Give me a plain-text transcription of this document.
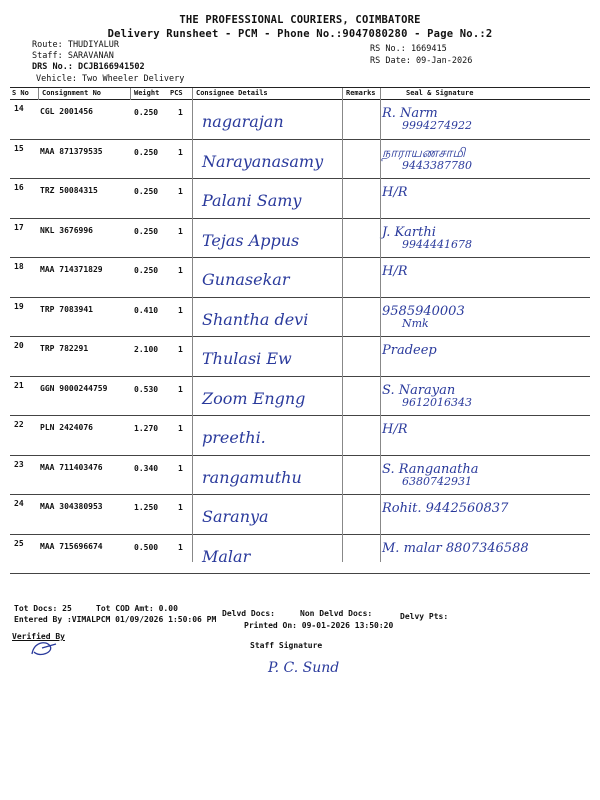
THE PROFESSIONAL COURIERS, COIMBATORE
Delivery Runsheet - PCM - Phone No.:9047080280 - Page No.:2
Route: THUDIYALUR
Staff: SARAVANAN
DRS No.: DCJB166941502
Vehicle: Two Wheeler Delivery
RS No.: 1669415
RS Date: 09-Jan-2026
S No Consignment No	Weight PCS Consignee Details	Remarks	Seal & Signature
14 CGL 2001456	0.250 1 nagarajan	R. Narm
9994274922
15 MAA 871379535	0.250 1 Narayanasamy	நாராயணசாமி
9443387780
16 TRZ 50084315	0.250 1 Palani Samy	H/R
17 NKL 3676996	0.250 1 Tejas Appus	J. Karthi
9944441678
18 MAA 714371829	0.250 1 Gunasekar	H/R
19 TRP 7083941	0.410 1 Shantha devi	9585940003
Nmk
20 TRP 782291	2.100 1 Thulasi Ew	Pradeep
21 GGN 9000244759	0.530 1 Zoom Engng	S. Narayan
9612016343
22 PLN 2424076	1.270 1 preethi.	H/R
23 MAA 711403476	0.340 1 rangamuthu	S. Ranganatha
6380742931
24 MAA 304380953	1.250 1 Saranya	Rohit. 9442560837
25 MAA 715696674	0.500 1 Malar	M. malar 8807346588
Tot Docs: 25	Tot COD Amt: 0.00
Delvd Docs:	Non Delvd Docs:	Delvy Pts:
Entered By :VIMALPCM 01/09/2026 1:50:06 PM
Printed On: 09-01-2026 13:50:20
Verified By
Staff Signature
P. C. Sund
